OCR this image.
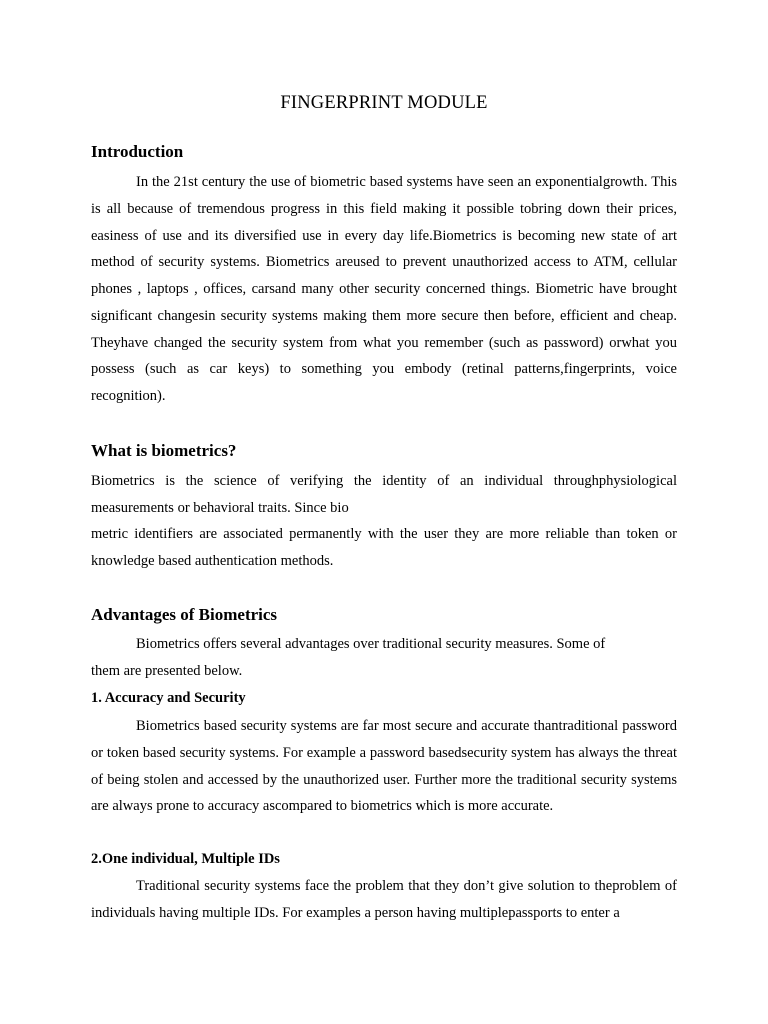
FINGERPRINT MODULE
Introduction

In the 21st century the use of biometric based systems have seen an exponentialgrowth. This is all because of tremendous progress in this field making it possible tobring down their prices, easiness of use and its diversified use in every day life.Biometrics is becoming new state of art method of security systems. Biometrics areused to prevent unauthorized access to ATM, cellular phones , laptops , offices, carsand many other security concerned things. Biometric have brought significant changesin security systems making them more secure then before, efficient and cheap. Theyhave changed the security system from what you remember (such as password) orwhat you possess (such as car keys) to something you embody (retinal patterns,fingerprints, voice recognition).

What is biometrics?

Biometrics is the science of verifying the identity of an individual throughphysiological measurements or behavioral traits. Since bio

metric identifiers are associated permanently with the user they are more reliable than token or knowledge based authentication methods.

Advantages of Biometrics

Biometrics offers several advantages over traditional security measures. Some of

them are presented below.

1. Accuracy and Security

Biometrics based security systems are far most secure and accurate thantraditional password or token based security systems. For example a password basedsecurity system has always the threat of being stolen and accessed by the unauthorized user. Further more the traditional security systems are always prone to accuracy ascompared to biometrics which is more accurate.

2.One individual, Multiple IDs

Traditional security systems face the problem that they don’t give solution to theproblem of individuals having multiple IDs. For examples a person having multiplepassports to enter a
